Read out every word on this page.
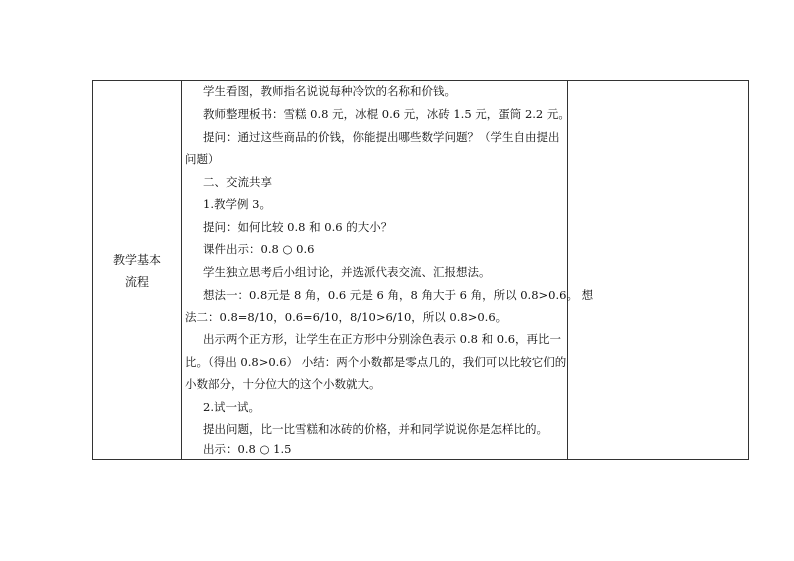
教学基本
流程
学生看图，教师指名说说每种冷饮的名称和价钱。
教师整理板书：雪糕 0.8 元，冰棍 0.6 元，冰砖 1.5 元，蛋筒 2.2 元。
提问：通过这些商品的价钱，你能提出哪些数学问题？（学生自由提出
问题）
二、交流共享
1.教学例 3。
提问：如何比较 0.8 和 0.6 的大小？
课件出示：0.8 ○ 0.6
学生独立思考后小组讨论，并选派代表交流、汇报想法。
想法一：0.8元是 8 角，0.6 元是 6 角，8 角大于 6 角，所以 0.8>0.6。 想
法二：0.8=8/10，0.6=6/10，8/10>6/10，所以 0.8>0.6。
出示两个正方形，让学生在正方形中分别涂色表示 0.8 和 0.6，再比一
比。（得出 0.8>0.6） 小结：两个小数都是零点几的，我们可以比较它们的
小数部分，十分位大的这个小数就大。
2.试一试。
提出问题，比一比雪糕和冰砖的价格，并和同学说说你是怎样比的。
出示：0.8 ○ 1.5
